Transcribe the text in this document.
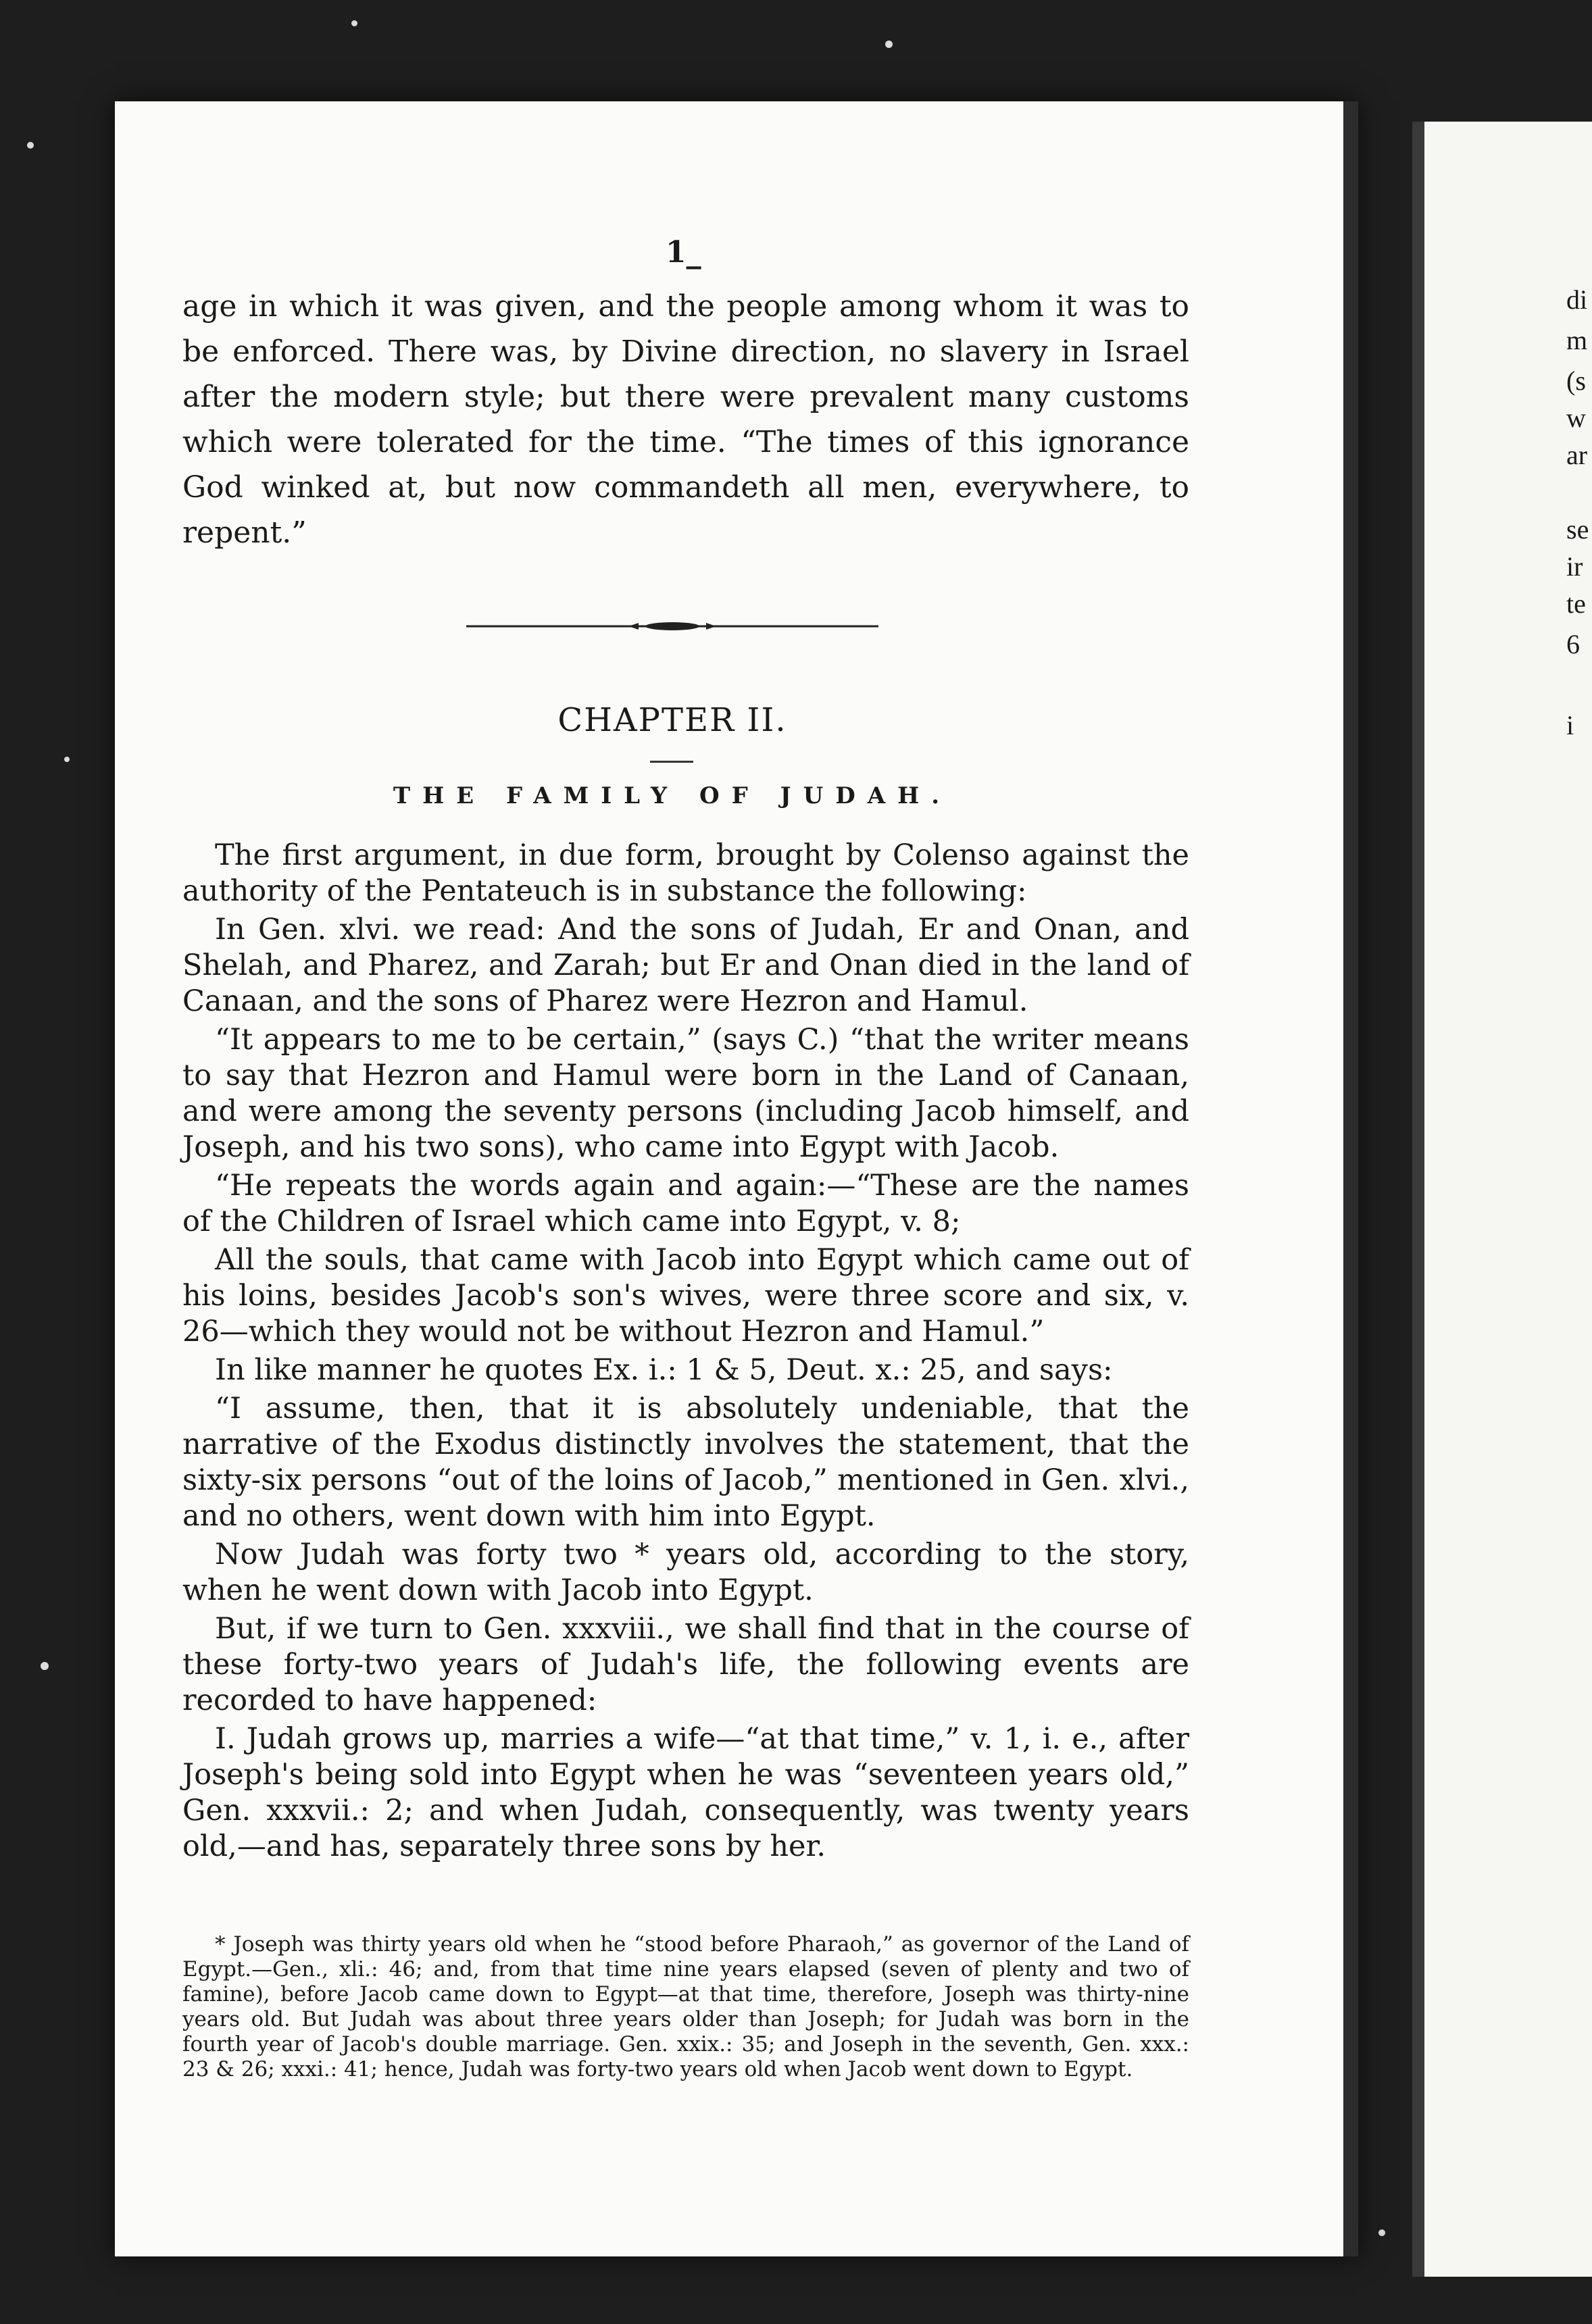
di
m
(s
w
ar
se
ir
te
6
i
1_

age in which it was given, and the people among whom it was to be enforced. There was, by Divine direction, no slavery in Israel after the modern style; but there were prevalent many customs which were tolerated for the time. “The times of this ignorance God winked at, but now commandeth all men, everywhere, to repent.”

CHAPTER II.
THE FAMILY OF JUDAH.

The first argument, in due form, brought by Colenso against the authority of the Pentateuch is in substance the following:

In Gen. xlvi. we read: And the sons of Judah, Er and Onan, and Shelah, and Pharez, and Zarah; but Er and Onan died in the land of Canaan, and the sons of Pharez were Hezron and Hamul.

“It appears to me to be certain,” (says C.) “that the writer means to say that Hezron and Hamul were born in the Land of Canaan, and were among the seventy persons (including Jacob himself, and Joseph, and his two sons), who came into Egypt with Jacob.

“He repeats the words again and again:—“These are the names of the Children of Israel which came into Egypt, v. 8;

All the souls, that came with Jacob into Egypt which came out of his loins, besides Jacob's son's wives, were three score and six, v. 26—which they would not be without Hezron and Hamul.”

In like manner he quotes Ex. i.: 1 & 5, Deut. x.: 25, and says:

“I assume, then, that it is absolutely undeniable, that the narrative of the Exodus distinctly involves the statement, that the sixty-six persons “out of the loins of Jacob,” mentioned in Gen. xlvi., and no others, went down with him into Egypt.

Now Judah was forty two * years old, according to the story, when he went down with Jacob into Egypt.

But, if we turn to Gen. xxxviii., we shall find that in the course of these forty-two years of Judah's life, the following events are recorded to have happened:

I. Judah grows up, marries a wife—“at that time,” v. 1, i. e., after Joseph's being sold into Egypt when he was “seventeen years old,” Gen. xxxvii.: 2; and when Judah, consequently, was twenty years old,—and has, separately three sons by her.

* Joseph was thirty years old when he “stood before Pharaoh,” as governor of the Land of Egypt.—Gen., xli.: 46; and, from that time nine years elapsed (seven of plenty and two of famine), before Jacob came down to Egypt—at that time, therefore, Joseph was thirty-nine years old. But Judah was about three years older than Joseph; for Judah was born in the fourth year of Jacob's double marriage. Gen. xxix.: 35; and Joseph in the seventh, Gen. xxx.: 23 & 26; xxxi.: 41; hence, Judah was forty-two years old when Jacob went down to Egypt.
